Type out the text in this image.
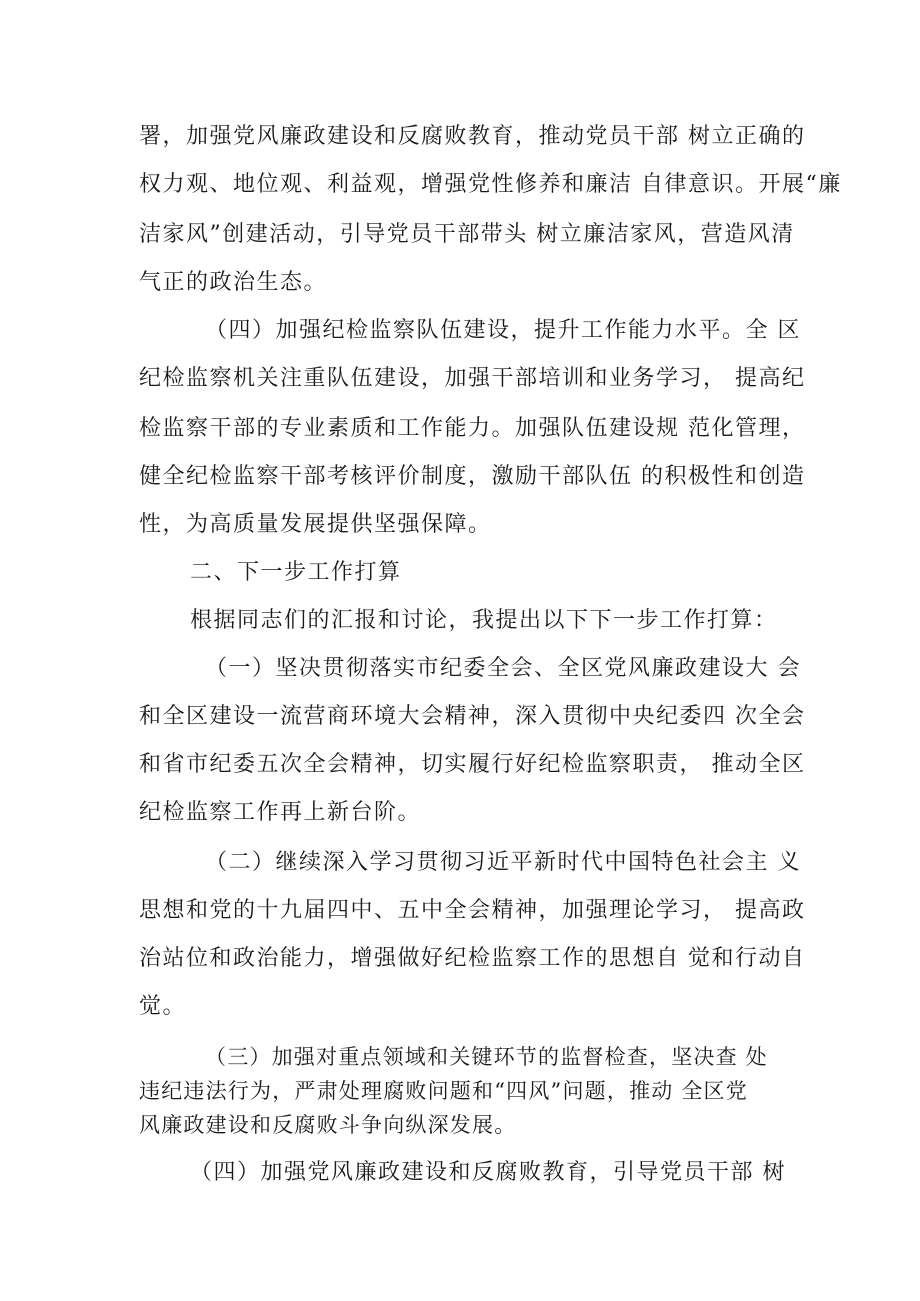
署，加强党风廉政建设和反腐败教育，推动党员干部 树立正确的
权力观、地位观、利益观，增强党性修养和廉洁 自律意识。开展“廉
洁家风”创建活动，引导党员干部带头 树立廉洁家风，营造风清
气正的政治生态。
（四）加强纪检监察队伍建设，提升工作能力水平。全 区
纪检监察机关注重队伍建设，加强干部培训和业务学习， 提高纪
检监察干部的专业素质和工作能力。加强队伍建设规 范化管理，
健全纪检监察干部考核评价制度，激励干部队伍 的积极性和创造
性，为高质量发展提供坚强保障。
二、下一步工作打算
根据同志们的汇报和讨论，我提出以下下一步工作打算：
（一）坚决贯彻落实市纪委全会、全区党风廉政建设大 会
和全区建设一流营商环境大会精神，深入贯彻中央纪委四 次全会
和省市纪委五次全会精神，切实履行好纪检监察职责， 推动全区
纪检监察工作再上新台阶。
（二）继续深入学习贯彻习近平新时代中国特色社会主 义
思想和党的十九届四中、五中全会精神，加强理论学习， 提高政
治站位和政治能力，增强做好纪检监察工作的思想自 觉和行动自
觉。
（三）加强对重点领域和关键环节的监督检查，坚决查 处
违纪违法行为，严肃处理腐败问题和“四风”问题，推动 全区党
风廉政建设和反腐败斗争向纵深发展。
（四）加强党风廉政建设和反腐败教育，引导党员干部 树
